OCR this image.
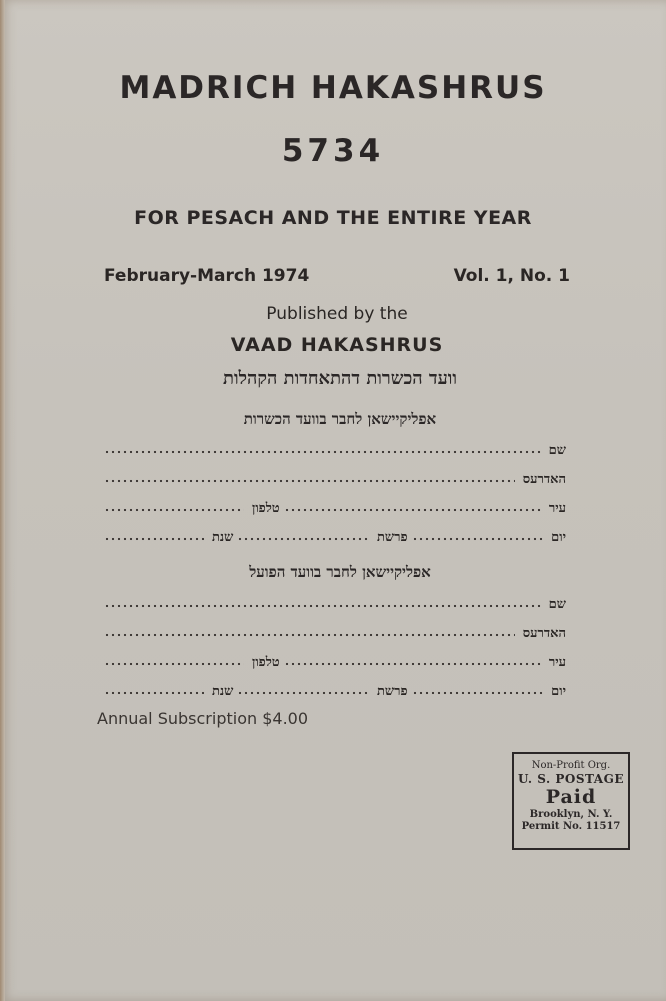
MADRICH HAKASHRUS
5734
FOR PESACH AND THE ENTIRE YEAR
February-March 1974	Vol. 1, No. 1
Published by the
VAAD HAKASHRUS
וועד הכשרות דהתאחדות הקהלות
אפליקיישאן לחבר בוועד הכשרות
שם
האדרעס
עיר
טלפון
יום
פרשת
שנת
אפליקיישאן לחבר בוועד הפועל
שם
האדרעס
עיר
טלפון
יום
פרשת
שנת
Annual Subscription $4.00
Non-Profit Org.
U. S. POSTAGE
Paid
Brooklyn, N. Y.
Permit No. 11517
